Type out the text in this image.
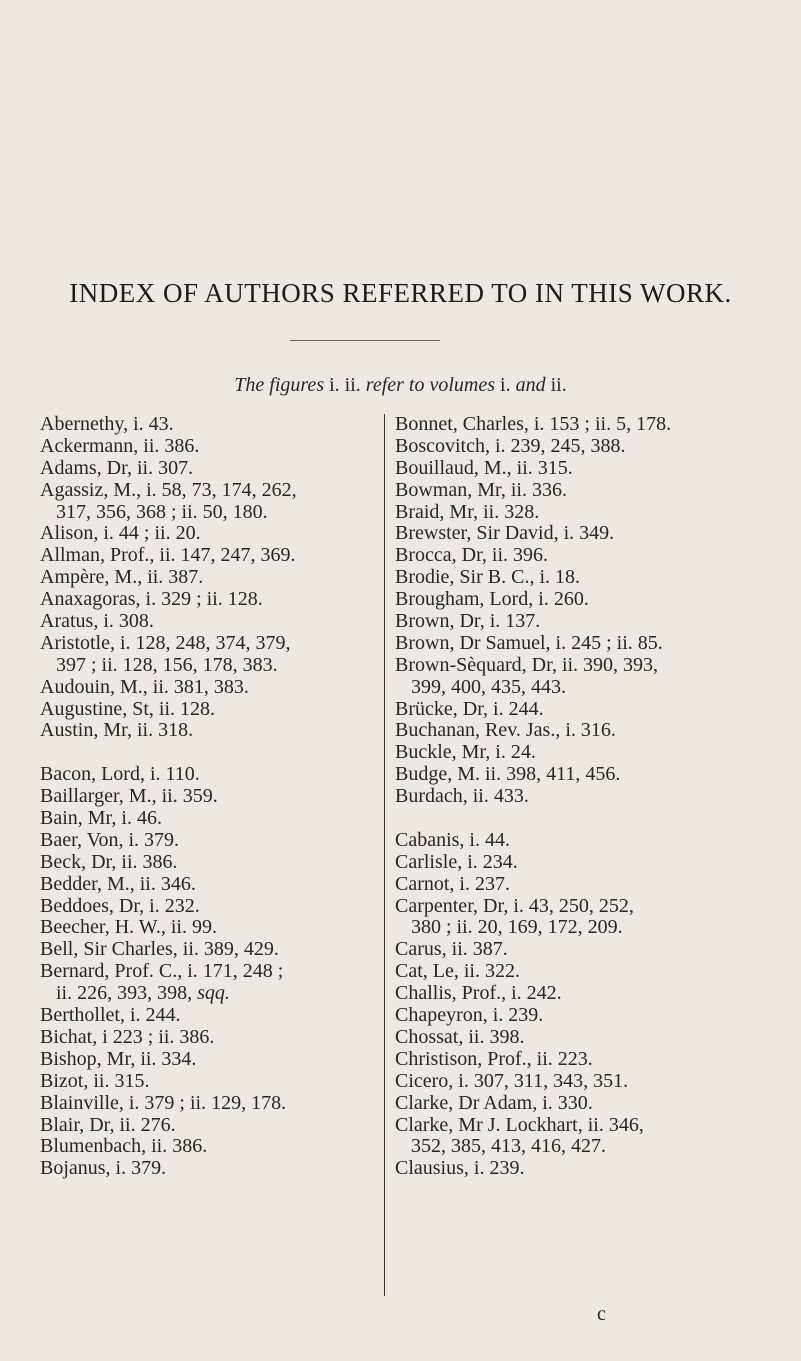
INDEX OF AUTHORS REFERRED TO IN THIS WORK.
The figures i. ii. refer to volumes i. and ii.
Abernethy, i. 43.
Ackermann, ii. 386.
Adams, Dr, ii. 307.
Agassiz, M., i. 58, 73, 174, 262,
317, 356, 368 ; ii. 50, 180.
Alison, i. 44 ; ii. 20.
Allman, Prof., ii. 147, 247, 369.
Ampère, M., ii. 387.
Anaxagoras, i. 329 ; ii. 128.
Aratus, i. 308.
Aristotle, i. 128, 248, 374, 379,
397 ; ii. 128, 156, 178, 383.
Audouin, M., ii. 381, 383.
Augustine, St, ii. 128.
Austin, Mr, ii. 318.
Bacon, Lord, i. 110.
Baillarger, M., ii. 359.
Bain, Mr, i. 46.
Baer, Von, i. 379.
Beck, Dr, ii. 386.
Bedder, M., ii. 346.
Beddoes, Dr, i. 232.
Beecher, H. W., ii. 99.
Bell, Sir Charles, ii. 389, 429.
Bernard, Prof. C., i. 171, 248 ;
ii. 226, 393, 398, sqq.
Berthollet, i. 244.
Bichat, i 223 ; ii. 386.
Bishop, Mr, ii. 334.
Bizot, ii. 315.
Blainville, i. 379 ; ii. 129, 178.
Blair, Dr, ii. 276.
Blumenbach, ii. 386.
Bojanus, i. 379.
Bonnet, Charles, i. 153 ; ii. 5, 178.
Boscovitch, i. 239, 245, 388.
Bouillaud, M., ii. 315.
Bowman, Mr, ii. 336.
Braid, Mr, ii. 328.
Brewster, Sir David, i. 349.
Brocca, Dr, ii. 396.
Brodie, Sir B. C., i. 18.
Brougham, Lord, i. 260.
Brown, Dr, i. 137.
Brown, Dr Samuel, i. 245 ; ii. 85.
Brown-Sèquard, Dr, ii. 390, 393,
399, 400, 435, 443.
Brücke, Dr, i. 244.
Buchanan, Rev. Jas., i. 316.
Buckle, Mr, i. 24.
Budge, M. ii. 398, 411, 456.
Burdach, ii. 433.
Cabanis, i. 44.
Carlisle, i. 234.
Carnot, i. 237.
Carpenter, Dr, i. 43, 250, 252,
380 ; ii. 20, 169, 172, 209.
Carus, ii. 387.
Cat, Le, ii. 322.
Challis, Prof., i. 242.
Chapeyron, i. 239.
Chossat, ii. 398.
Christison, Prof., ii. 223.
Cicero, i. 307, 311, 343, 351.
Clarke, Dr Adam, i. 330.
Clarke, Mr J. Lockhart, ii. 346,
352, 385, 413, 416, 427.
Clausius, i. 239.
c
